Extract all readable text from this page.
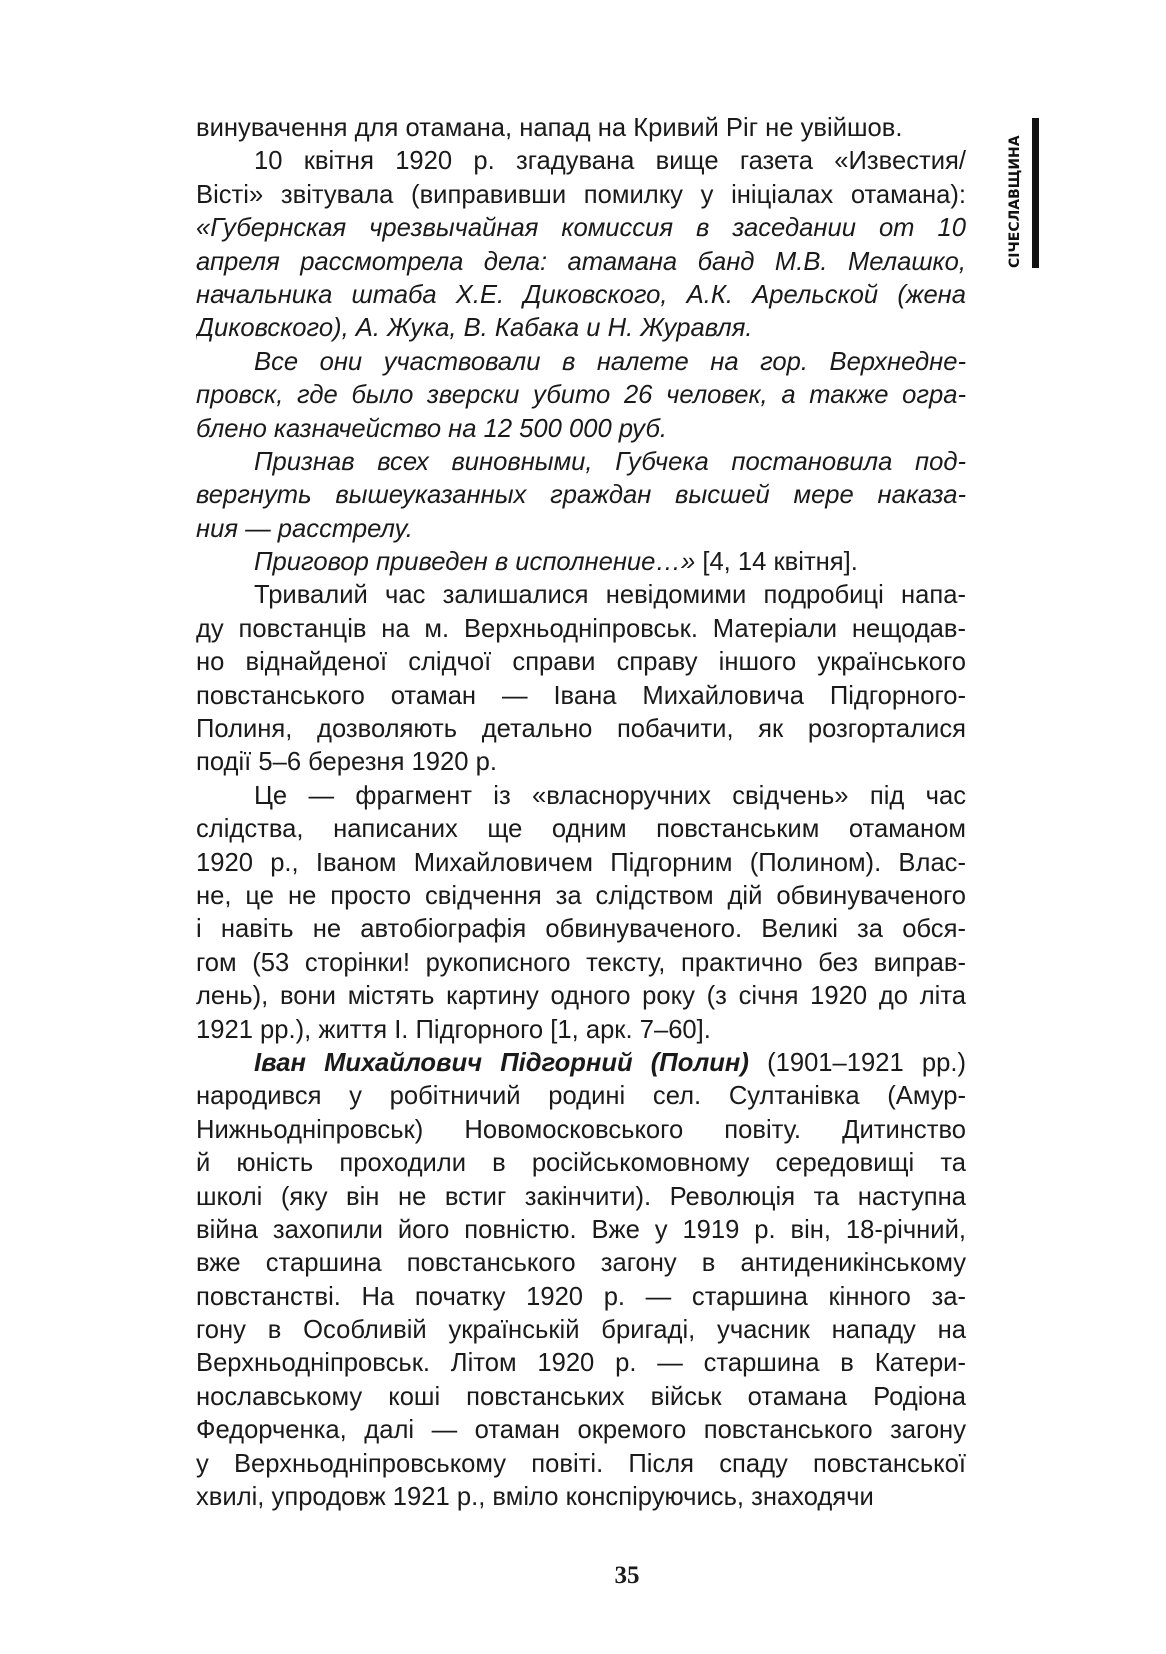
СІЧЕСЛАВЩИНА
винувачення для отамана, напад на Кривий Ріг не увійшов.
10 квітня 1920 р. згадувана вище газета «Известия/
Вісті» звітувала (виправивши помилку у ініціалах отамана):
«Губернская чрезвычайная комиссия в заседании от 10
апреля рассмотрела дела: атамана банд М.В. Мелашко,
начальника штаба Х.Е. Диковского, А.К. Арельской (жена
Диковского), А. Жука, В. Кабака и Н. Журавля.
Все они участвовали в налете на гор. Верхнедне-
провск, где было зверски убито 26 человек, а также огра-
блено казначейство на 12 500 000 руб.
Признав всех виновными, Губчека постановила под-
вергнуть вышеуказанных граждан высшей мере наказа-
ния — расстрелу.
Приговор приведен в исполнение…» [4, 14 квітня].
Тривалий час залишалися невідомими подробиці напа-
ду повстанців на м. Верхньодніпровськ. Матеріали нещодав-
но віднайденої слідчої справи справу іншого українського
повстанського отаман — Івана Михайловича Підгорного-
Полиня, дозволяють детально побачити, як розгорталися
події 5–6 березня 1920 р.
Це — фрагмент із «власноручних свідчень» під час
слідства, написаних ще одним повстанським отаманом
1920 р., Іваном Михайловичем Підгорним (Полином). Влас-
не, це не просто свідчення за слідством дій обвинуваченого
і навіть не автобіографія обвинуваченого. Великі за обся-
гом (53 сторінки! рукописного тексту, практично без виправ-
лень), вони містять картину одного року (з січня 1920 до літа
1921 рр.), життя І. Підгорного [1, арк. 7–60].
Іван Михайлович Підгорний (Полин) (1901–1921 рр.)
народився у робітничий родині сел. Султанівка (Амур-
Нижньодніпровськ) Новомосковського повіту. Дитинство
й юність проходили в російськомовному середовищі та
школі (яку він не встиг закінчити). Революція та наступна
війна захопили його повністю. Вже у 1919 р. він, 18-річний,
вже старшина повстанського загону в антиденикінському
повстанстві. На початку 1920 р. — старшина кінного за-
гону в Особливій українській бригаді, учасник нападу на
Верхньодніпровськ. Літом 1920 р. — старшина в Катери-
нославському коші повстанських військ отамана Родіона
Федорченка, далі — отаман окремого повстанського загону
у Верхньодніпровському повіті. Після спаду повстанської
хвилі, упродовж 1921 р., вміло конспіруючись, знаходячи
35
